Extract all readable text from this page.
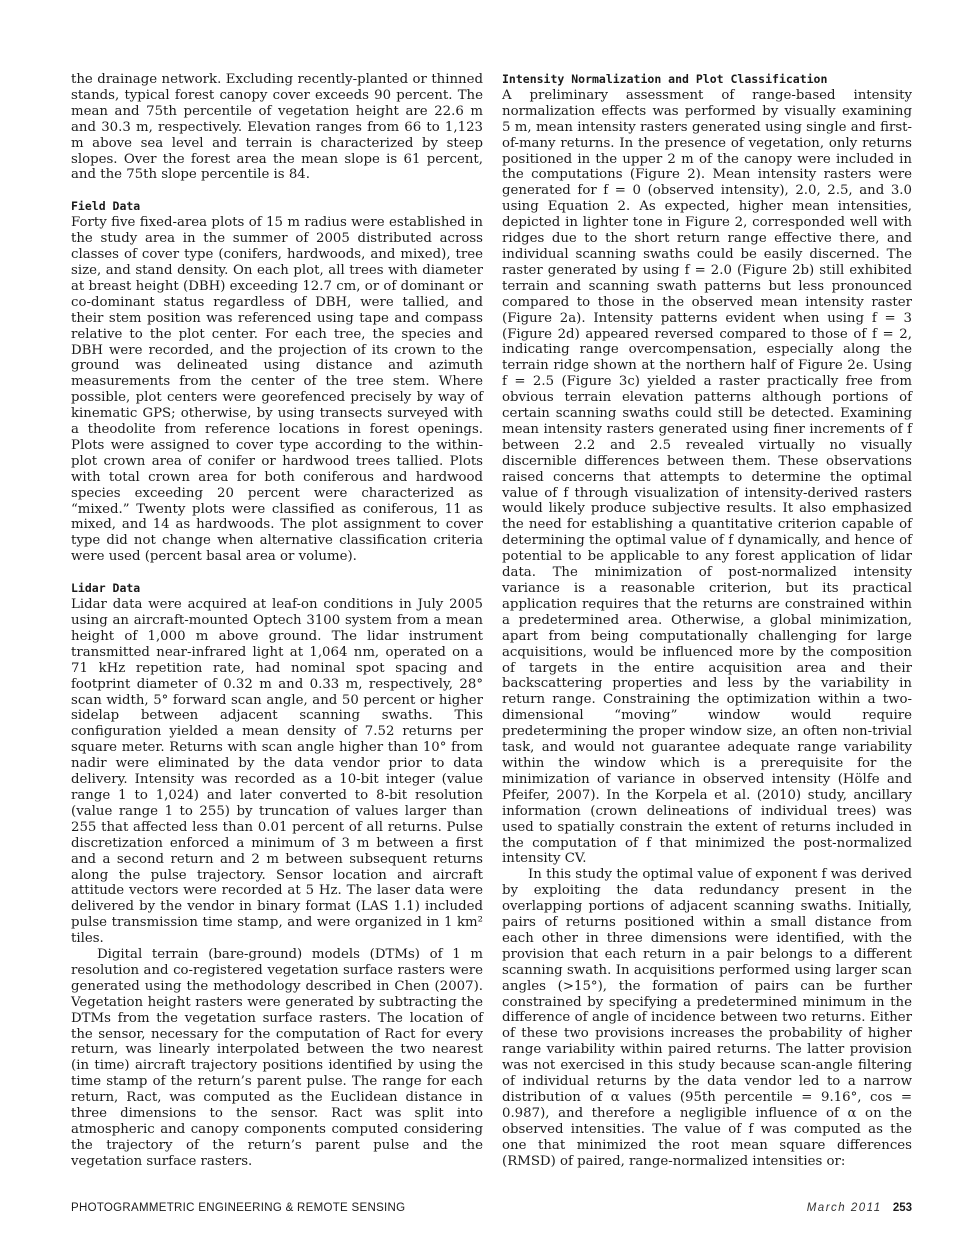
the drainage network. Excluding recently-planted or thinned stands, typical forest canopy cover exceeds 90 percent. The mean and 75th percentile of vegetation height are 22.6 m and 30.3 m, respectively. Elevation ranges from 66 to 1,123 m above sea level and terrain is characterized by steep slopes. Over the forest area the mean slope is 61 percent, and the 75th slope percentile is 84.

Field Data

Forty five fixed-area plots of 15 m radius were established in the study area in the summer of 2005 distributed across classes of cover type (conifers, hardwoods, and mixed), tree size, and stand density. On each plot, all trees with diameter at breast height (DBH) exceeding 12.7 cm, or of dominant or co-dominant status regardless of DBH, were tallied, and their stem position was referenced using tape and compass relative to the plot center. For each tree, the species and DBH were recorded, and the projection of its crown to the ground was delineated using distance and azimuth measurements from the center of the tree stem. Where possible, plot centers were georefenced precisely by way of kinematic GPS; otherwise, by using transects surveyed with a theodolite from reference locations in forest openings. Plots were assigned to cover type according to the within-plot crown area of conifer or hardwood trees tallied. Plots with total crown area for both coniferous and hardwood species exceeding 20 percent were characterized as “mixed.” Twenty plots were classified as coniferous, 11 as mixed, and 14 as hardwoods. The plot assignment to cover type did not change when alternative classification criteria were used (percent basal area or volume).

Lidar Data

Lidar data were acquired at leaf-on conditions in July 2005 using an aircraft-mounted Optech 3100 system from a mean height of 1,000 m above ground. The lidar instrument transmitted near-infrared light at 1,064 nm, operated on a 71 kHz repetition rate, had nominal spot spacing and footprint diameter of 0.32 m and 0.33 m, respectively, 28° scan width, 5° forward scan angle, and 50 percent or higher sidelap between adjacent scanning swaths. This configuration yielded a mean density of 7.52 returns per square meter. Returns with scan angle higher than 10° from nadir were eliminated by the data vendor prior to data delivery. Intensity was recorded as a 10-bit integer (value range 1 to 1,024) and later converted to 8-bit resolution (value range 1 to 255) by truncation of values larger than 255 that affected less than 0.01 percent of all returns. Pulse discretization enforced a minimum of 3 m between a first and a second return and 2 m between subsequent returns along the pulse trajectory. Sensor location and aircraft attitude vectors were recorded at 5 Hz. The laser data were delivered by the vendor in binary format (LAS 1.1) included pulse transmission time stamp, and were organized in 1 km² tiles.

Digital terrain (bare-ground) models (DTMs) of 1 m resolution and co-registered vegetation surface rasters were generated using the methodology described in Chen (2007). Vegetation height rasters were generated by subtracting the DTMs from the vegetation surface rasters. The location of the sensor, necessary for the computation of Ract for every return, was linearly interpolated between the two nearest (in time) aircraft trajectory positions identified by using the time stamp of the return’s parent pulse. The range for each return, Ract, was computed as the Euclidean distance in three dimensions to the sensor. Ract was split into atmospheric and canopy components computed considering the trajectory of the return’s parent pulse and the vegetation surface rasters.

Intensity Normalization and Plot Classification

A preliminary assessment of range-based intensity normalization effects was performed by visually examining 5 m, mean intensity rasters generated using single and first-of-many returns. In the presence of vegetation, only returns positioned in the upper 2 m of the canopy were included in the computations (Figure 2). Mean intensity rasters were generated for f = 0 (observed intensity), 2.0, 2.5, and 3.0 using Equation 2. As expected, higher mean intensities, depicted in lighter tone in Figure 2, corresponded well with ridges due to the short return range effective there, and individual scanning swaths could be easily discerned. The raster generated by using f = 2.0 (Figure 2b) still exhibited terrain and scanning swath patterns but less pronounced compared to those in the observed mean intensity raster (Figure 2a). Intensity patterns evident when using f = 3 (Figure 2d) appeared reversed compared to those of f = 2, indicating range overcompensation, especially along the terrain ridge shown at the northern half of Figure 2e. Using f = 2.5 (Figure 3c) yielded a raster practically free from obvious terrain elevation patterns although portions of certain scanning swaths could still be detected. Examining mean intensity rasters generated using finer increments of f between 2.2 and 2.5 revealed virtually no visually discernible differences between them. These observations raised concerns that attempts to determine the optimal value of f through visualization of intensity-derived rasters would likely produce subjective results. It also emphasized the need for establishing a quantitative criterion capable of determining the optimal value of f dynamically, and hence of potential to be applicable to any forest application of lidar data. The minimization of post-normalized intensity variance is a reasonable criterion, but its practical application requires that the returns are constrained within a predetermined area. Otherwise, a global minimization, apart from being computationally challenging for large acquisitions, would be influenced more by the composition of targets in the entire acquisition area and their backscattering properties and less by the variability in return range. Constraining the optimization within a two-dimensional “moving” window would require predetermining the proper window size, an often non-trivial task, and would not guarantee adequate range variability within the window which is a prerequisite for the minimization of variance in observed intensity (Hölfe and Pfeifer, 2007). In the Korpela et al. (2010) study, ancillary information (crown delineations of individual trees) was used to spatially constrain the extent of returns included in the computation of f that minimized the post-normalized intensity CV.

In this study the optimal value of exponent f was derived by exploiting the data redundancy present in the overlapping portions of adjacent scanning swaths. Initially, pairs of returns positioned within a small distance from each other in three dimensions were identified, with the provision that each return in a pair belongs to a different scanning swath. In acquisitions performed using larger scan angles (>15°), the formation of pairs can be further constrained by specifying a predetermined minimum in the difference of angle of incidence between two returns. Either of these two provisions increases the probability of higher range variability within paired returns. The latter provision was not exercised in this study because scan-angle filtering of individual returns by the data vendor led to a narrow distribution of α values (95th percentile = 9.16°, cos = 0.987), and therefore a negligible influence of α on the observed intensities. The value of f was computed as the one that minimized the root mean square differences (RMSD) of paired, range-normalized intensities or:

PHOTOGRAMMETRIC ENGINEERING & REMOTE SENSING	March 2011 253
